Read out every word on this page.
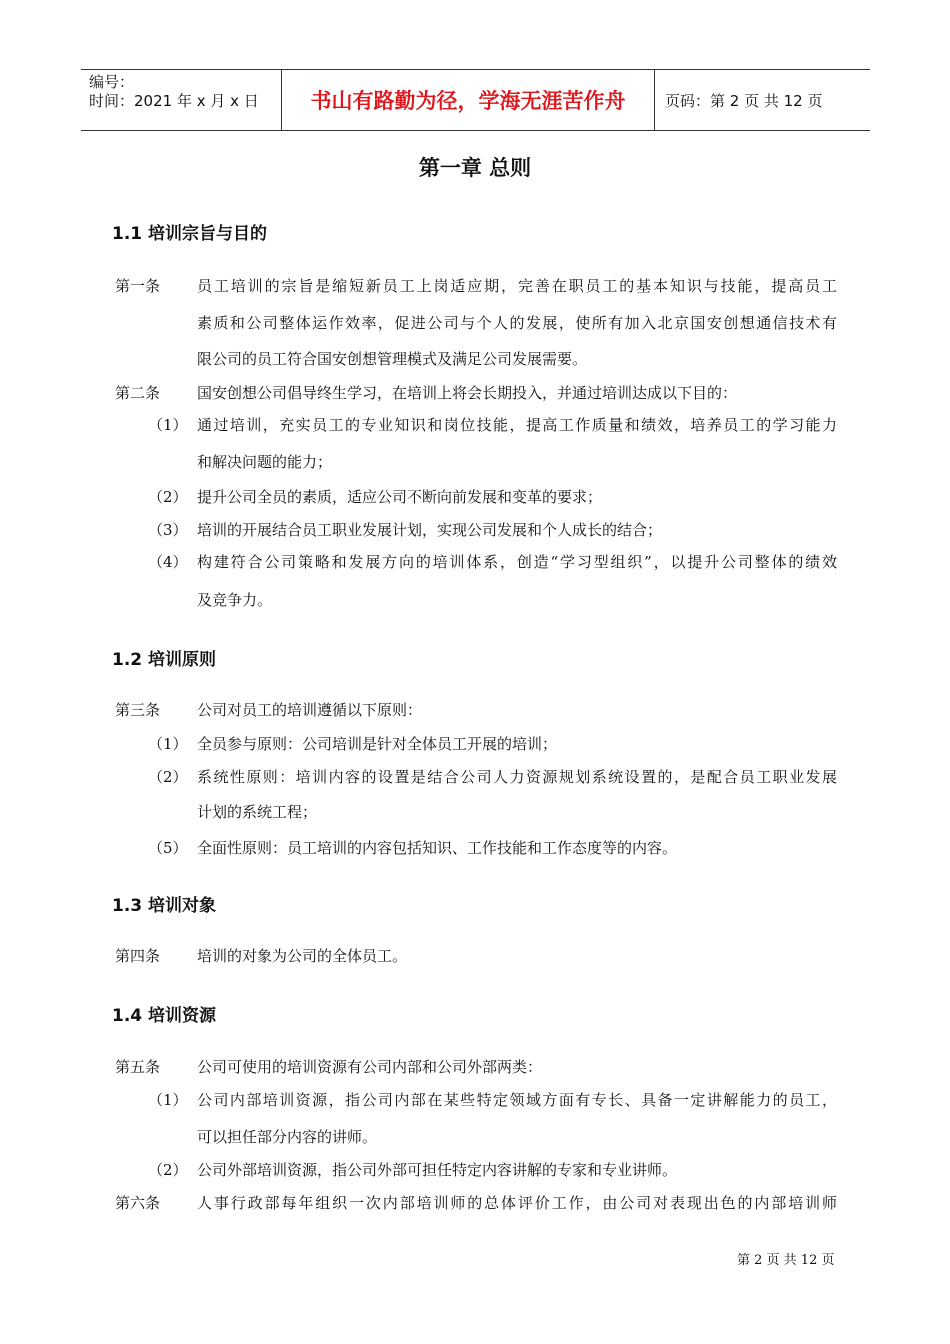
编号：
时间：2021 年 x 月 x 日	书山有路勤为径，学海无涯苦作舟	页码：第 2 页 共 12 页
第一章 总则
1.1 培训宗旨与目的
第一条 员工培训的宗旨是缩短新员工上岗适应期，完善在职员工的基本知识与技能，提高员工
素质和公司整体运作效率，促进公司与个人的发展，使所有加入北京国安创想通信技术有
限公司的员工符合国安创想管理模式及满足公司发展需要。
第二条 国安创想公司倡导终生学习，在培训上将会长期投入，并通过培训达成以下目的：
（1） 通过培训，充实员工的专业知识和岗位技能，提高工作质量和绩效，培养员工的学习能力
和解决问题的能力；
（2） 提升公司全员的素质，适应公司不断向前发展和变革的要求；
（3） 培训的开展结合员工职业发展计划，实现公司发展和个人成长的结合；
（4） 构建符合公司策略和发展方向的培训体系，创造“学习型组织”，以提升公司整体的绩效
及竞争力。
1.2 培训原则
第三条 公司对员工的培训遵循以下原则：
（1） 全员参与原则：公司培训是针对全体员工开展的培训；
（2） 系统性原则：培训内容的设置是结合公司人力资源规划系统设置的，是配合员工职业发展
计划的系统工程；
（5） 全面性原则：员工培训的内容包括知识、工作技能和工作态度等的内容。
1.3 培训对象
第四条 培训的对象为公司的全体员工。
1.4 培训资源
第五条 公司可使用的培训资源有公司内部和公司外部两类：
（1） 公司内部培训资源，指公司内部在某些特定领域方面有专长、具备一定讲解能力的员工，
可以担任部分内容的讲师。
（2） 公司外部培训资源，指公司外部可担任特定内容讲解的专家和专业讲师。
第六条 人事行政部每年组织一次内部培训师的总体评价工作，由公司对表现出色的内部培训师
第 2 页 共 12 页
